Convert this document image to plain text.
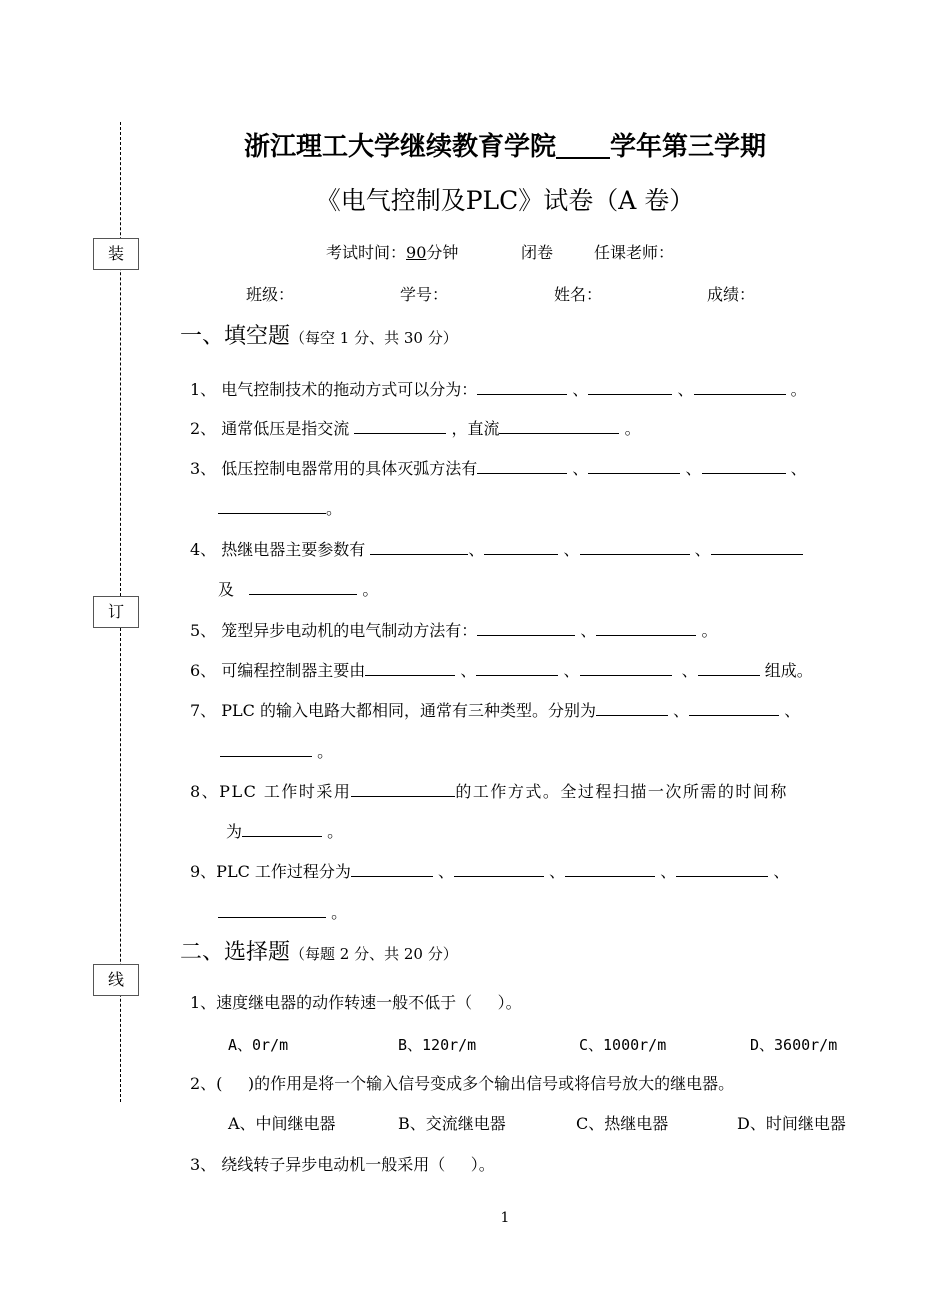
装
订
线
浙江理工大学继续教育学院 学年第三学期
《电气控制及PLC》试卷（A 卷）
考试时间：90分钟	闭卷	任课老师：
班级：	学号：	姓名：	成绩：
一、填空题（每空 1 分、共 30 分）
1、 电气控制技术的拖动方式可以分为：	、	、	。
2、 通常低压是指交流	，直流	。
3、 低压控制电器常用的具体灭弧方法有	、	、	、
。
4、 热继电器主要参数有	、	、	、
及	。
5、 笼型异步电动机的电气制动方法有：	、	。
6、 可编程控制器主要由	、	、	、	组成。
7、 PLC 的输入电路大都相同，通常有三种类型。分别为	、	、
。
8、PLC 工作时采用	的工作方式。全过程扫描一次所需的时间称
为	。
9、PLC 工作过程分为	、	、	、	、
。
二、选择题（每题 2 分、共 20 分）
1、速度继电器的动作转速一般不低于（ ）。
A、0r/m	B、120r/m	C、1000r/m	D、3600r/m
2、( )的作用是将一个输入信号变成多个输出信号或将信号放大的继电器。
A、中间继电器	B、交流继电器	C、热继电器	D、时间继电器
3、 绕线转子异步电动机一般采用（ ）。
1
